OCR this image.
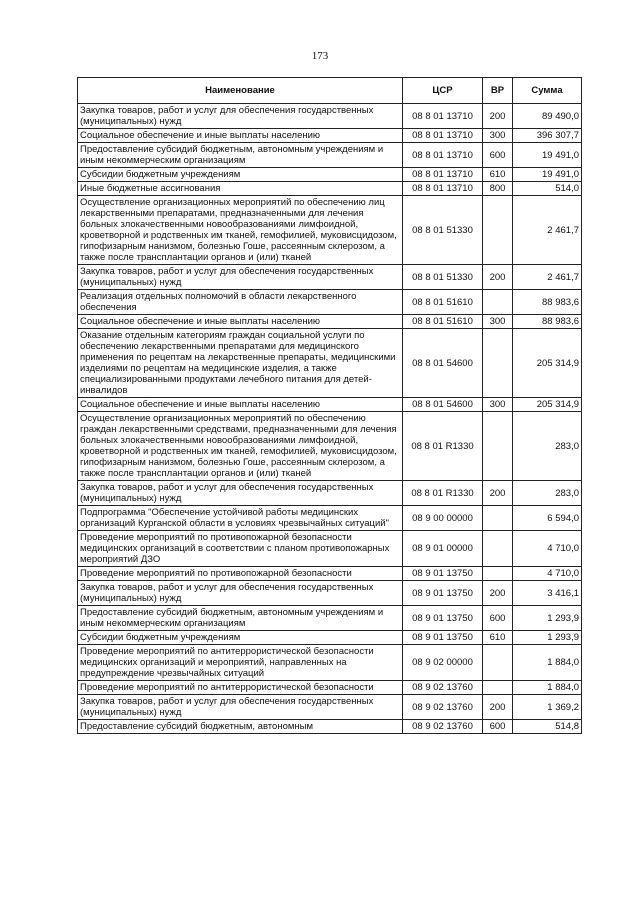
173
Наименование	ЦСР	ВР	Сумма
Закупка товаров, работ и услуг для обеспечения государственных (муниципальных) нужд	08 8 01 13710	200	89 490,0
Социальное обеспечение и иные выплаты населению	08 8 01 13710	300	396 307,7
Предоставление субсидий бюджетным, автономным учреждениям и иным некоммерческим организациям	08 8 01 13710	600	19 491,0
Субсидии бюджетным учреждениям	08 8 01 13710	610	19 491,0
Иные бюджетные ассигнования	08 8 01 13710	800	514,0
Осуществление организационных мероприятий по обеспечению лиц лекарственными препаратами, предназначенными для лечения больных злокачественными новообразованиями лимфоидной, кроветворной и родственных им тканей, гемофилией, муковисцидозом, гипофизарным нанизмом, болезнью Гоше, рассеянным склерозом, а также после трансплантации органов и (или) тканей	08 8 01 51330		2 461,7
Закупка товаров, работ и услуг для обеспечения государственных (муниципальных) нужд	08 8 01 51330	200	2 461,7
Реализация отдельных полномочий в области лекарственного обеспечения	08 8 01 51610		88 983,6
Социальное обеспечение и иные выплаты населению	08 8 01 51610	300	88 983,6
Оказание отдельным категориям граждан социальной услуги по обеспечению лекарственными препаратами для медицинского применения по рецептам на лекарственные препараты, медицинскими изделиями по рецептам на медицинские изделия, а также специализированными продуктами лечебного питания для детей-инвалидов	08 8 01 54600		205 314,9
Социальное обеспечение и иные выплаты населению	08 8 01 54600	300	205 314,9
Осуществление организационных мероприятий по обеспечению граждан лекарственными средствами, предназначенными для лечения больных злокачественными новообразованиями лимфоидной, кроветворной и родственных им тканей, гемофилией, муковисцидозом, гипофизарным нанизмом, болезнью Гоше, рассеянным склерозом, а также после трансплантации органов и (или) тканей	08 8 01 R1330		283,0
Закупка товаров, работ и услуг для обеспечения государственных (муниципальных) нужд	08 8 01 R1330	200	283,0
Подпрограмма "Обеспечение устойчивой работы медицинских организаций Курганской области в условиях чрезвычайных ситуаций"	08 9 00 00000		6 594,0
Проведение мероприятий по противопожарной безопасности медицинских организаций в соответствии с планом противопожарных мероприятий ДЗО	08 9 01 00000		4 710,0
Проведение мероприятий по противопожарной безопасности	08 9 01 13750		4 710,0
Закупка товаров, работ и услуг для обеспечения государственных (муниципальных) нужд	08 9 01 13750	200	3 416,1
Предоставление субсидий бюджетным, автономным учреждениям и иным некоммерческим организациям	08 9 01 13750	600	1 293,9
Субсидии бюджетным учреждениям	08 9 01 13750	610	1 293,9
Проведение мероприятий по антитеррористической безопасности медицинских организаций и мероприятий, направленных на предупреждение чрезвычайных ситуаций	08 9 02 00000		1 884,0
Проведение мероприятий по антитеррористической безопасности	08 9 02 13760		1 884,0
Закупка товаров, работ и услуг для обеспечения государственных (муниципальных) нужд	08 9 02 13760	200	1 369,2
Предоставление субсидий бюджетным, автономным	08 9 02 13760	600	514,8
